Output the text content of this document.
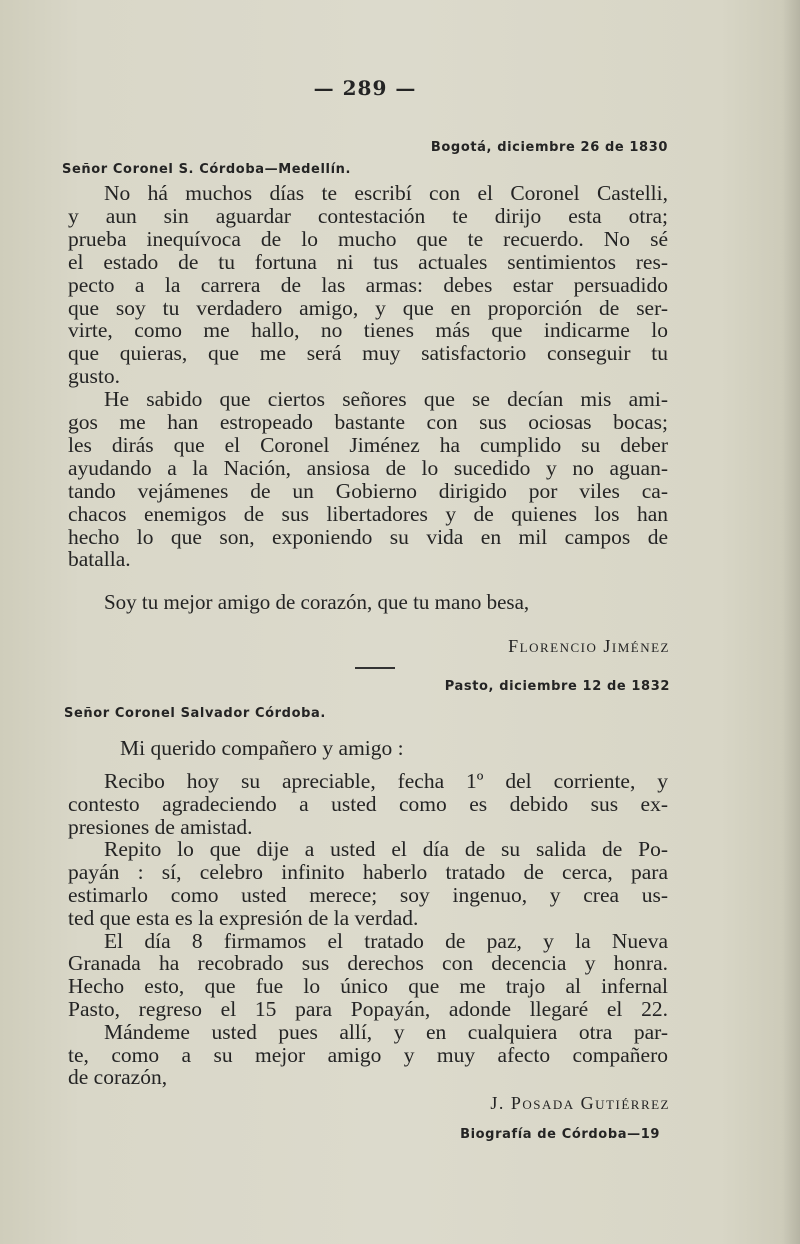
— 289 —
Bogotá, diciembre 26 de 1830
Señor Coronel S. Córdoba—Medellín.
No há muchos días te escribí con el Coronel Castelli,
y aun sin aguardar contestación te dirijo esta otra;
prueba inequívoca de lo mucho que te recuerdo. No sé
el estado de tu fortuna ni tus actuales sentimientos res-
pecto a la carrera de las armas: debes estar persuadido
que soy tu verdadero amigo, y que en proporción de ser-
virte, como me hallo, no tienes más que indicarme lo
que quieras, que me será muy satisfactorio conseguir tu
gusto.
He sabido que ciertos señores que se decían mis ami-
gos me han estropeado bastante con sus ociosas bocas;
les dirás que el Coronel Jiménez ha cumplido su deber
ayudando a la Nación, ansiosa de lo sucedido y no aguan-
tando vejámenes de un Gobierno dirigido por viles ca-
chacos enemigos de sus libertadores y de quienes los han
hecho lo que son, exponiendo su vida en mil campos de
batalla.
Soy tu mejor amigo de corazón, que tu mano besa,
Florencio Jiménez
Pasto, diciembre 12 de 1832
Señor Coronel Salvador Córdoba.
Mi querido compañero y amigo :
Recibo hoy su apreciable, fecha 1º del corriente, y
contesto agradeciendo a usted como es debido sus ex-
presiones de amistad.
Repito lo que dije a usted el día de su salida de Po-
payán : sí, celebro infinito haberlo tratado de cerca, para
estimarlo como usted merece; soy ingenuo, y crea us-
ted que esta es la expresión de la verdad.
El día 8 firmamos el tratado de paz, y la Nueva
Granada ha recobrado sus derechos con decencia y honra.
Hecho esto, que fue lo único que me trajo al infernal
Pasto, regreso el 15 para Popayán, adonde llegaré el 22.
Mándeme usted pues allí, y en cualquiera otra par-
te, como a su mejor amigo y muy afecto compañero
de corazón,
J. Posada Gutiérrez
Biografía de Córdoba—19
